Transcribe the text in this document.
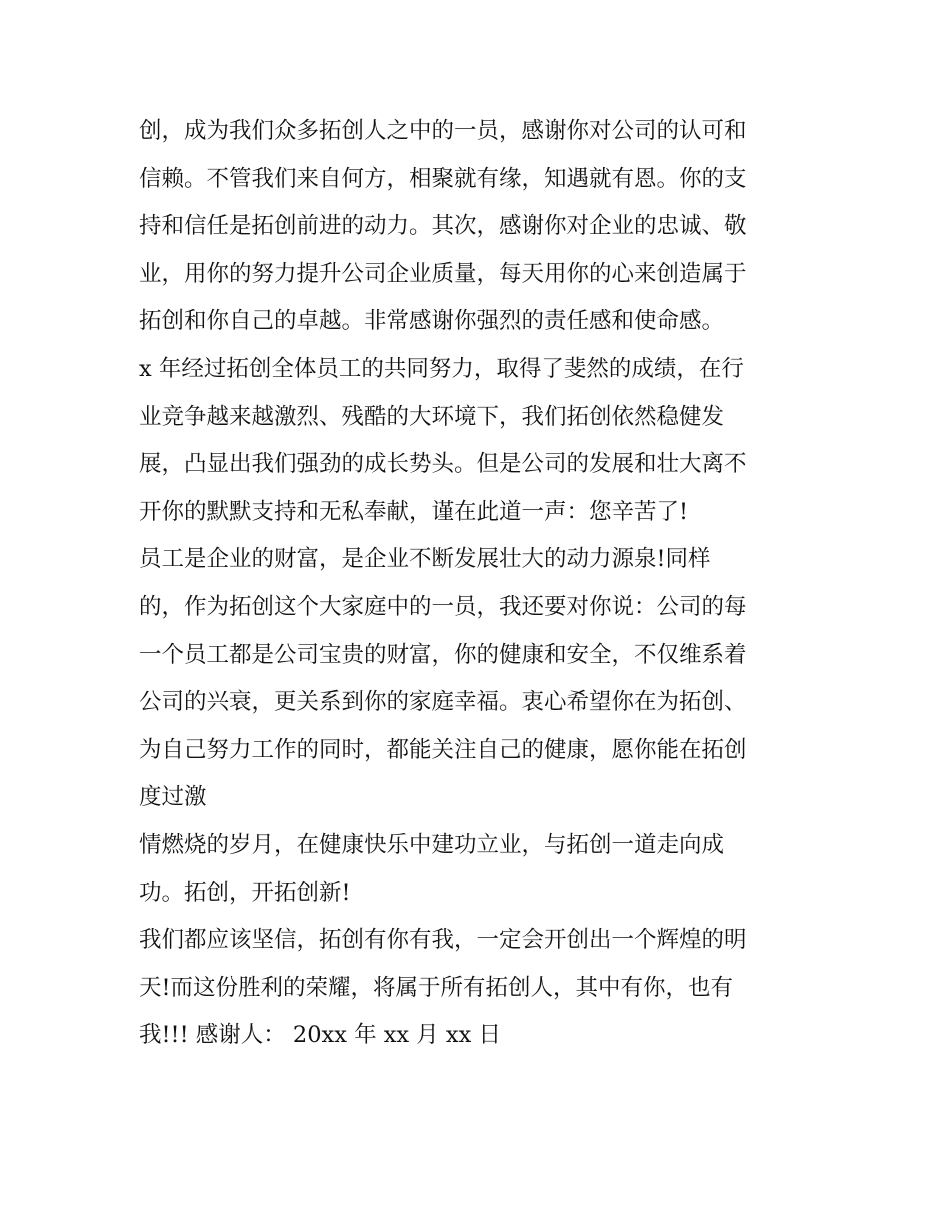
创，成为我们众多拓创人之中的一员，感谢你对公司的认可和
信赖。不管我们来自何方，相聚就有缘，知遇就有恩。你的支
持和信任是拓创前进的动力。其次，感谢你对企业的忠诚、敬
业，用你的努力提升公司企业质量，每天用你的心来创造属于
拓创和你自己的卓越。非常感谢你强烈的责任感和使命感。
x 年经过拓创全体员工的共同努力，取得了斐然的成绩，在行
业竞争越来越激烈、残酷的大环境下，我们拓创依然稳健发
展，凸显出我们强劲的成长势头。但是公司的发展和壮大离不
开你的默默支持和无私奉献，谨在此道一声：您辛苦了!
员工是企业的财富，是企业不断发展壮大的动力源泉!同样
的，作为拓创这个大家庭中的一员，我还要对你说：公司的每
一个员工都是公司宝贵的财富，你的健康和安全，不仅维系着
公司的兴衰，更关系到你的家庭幸福。衷心希望你在为拓创、
为自己努力工作的同时，都能关注自己的健康，愿你能在拓创
度过激
情燃烧的岁月，在健康快乐中建功立业，与拓创一道走向成
功。拓创，开拓创新!
我们都应该坚信，拓创有你有我，一定会开创出一个辉煌的明
天!而这份胜利的荣耀，将属于所有拓创人，其中有你，也有
我!!! 感谢人： 20xx 年 xx 月 xx 日
